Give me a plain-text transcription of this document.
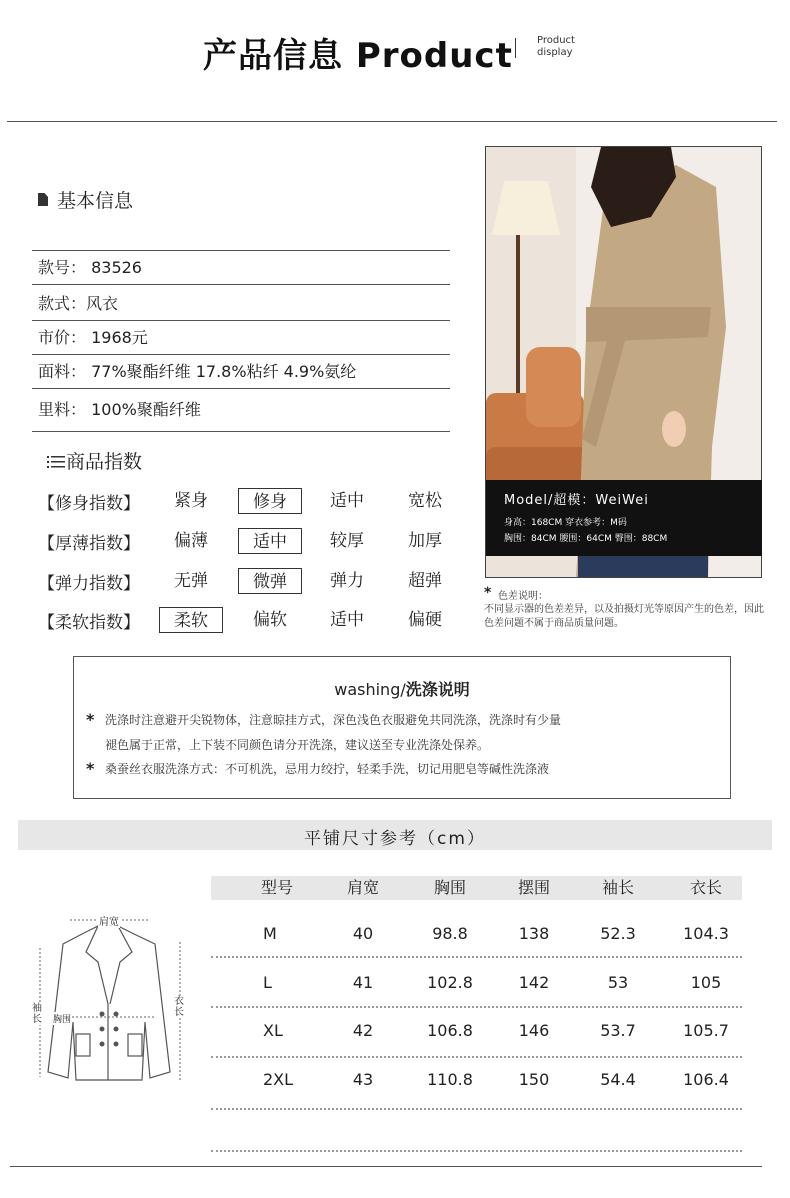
产品信息 Product Product
display
基本信息
款号： 83526
款式：风衣
市价： 1968元
面料： 77%聚酯纤维 17.8%粘纤 4.9%氨纶
里料： 100%聚酯纤维
商品指数
【修身指数】	紧身	修身	适中	宽松
【厚薄指数】	偏薄	适中	较厚	加厚
【弹力指数】	无弹	微弹	弹力	超弹
【柔软指数】	柔软	偏软	适中	偏硬
Model/超模：WeiWei
身高：168CM 穿衣参考：M码
胸围：84CM 腰围：64CM 臀围：88CM
* 色差说明：
不同显示器的色差差异，以及拍摄灯光等原因产生的色差，因此色差问题不属于商品质量问题。
washing/洗涤说明
* 洗涤时注意避开尖锐物体，注意晾挂方式，深色浅色衣服避免共同洗涤，洗涤时有少量
褪色属于正常，上下装不同颜色请分开洗涤，建议送至专业洗涤处保养。
* 桑蚕丝衣服洗涤方式：不可机洗，忌用力绞拧，轻柔手洗，切记用肥皂等碱性洗涤液
平铺尺寸参考（cm）
肩宽
袖长	胸围
衣长
型号	肩宽	胸围	摆围	袖长	衣长
M	40	98.8	138	52.3	104.3
L	41	102.8	142	53	105
XL	42	106.8	146	53.7	105.7
2XL	43	110.8	150	54.4	106.4
